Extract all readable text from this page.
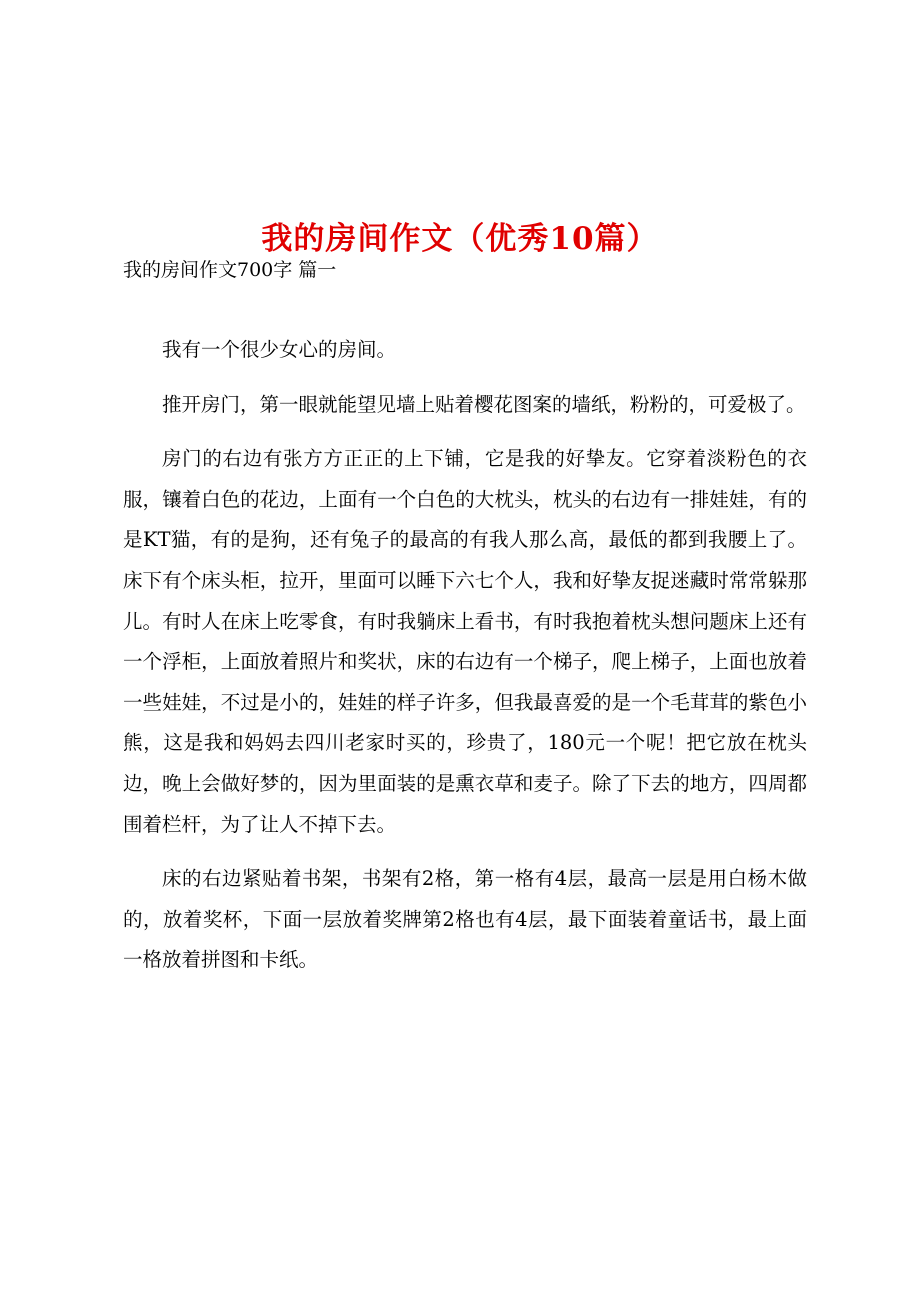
我的房间作文（优秀10篇）
我的房间作文700字 篇一

我有一个很少女心的房间。

推开房门，第一眼就能望见墙上贴着樱花图案的墙纸，粉粉的，可爱极了。

房门的右边有张方方正正的上下铺，它是我的好挚友。它穿着淡粉色的衣服，镶着白色的花边，上面有一个白色的大枕头，枕头的右边有一排娃娃，有的是KT猫，有的是狗，还有兔子的最高的有我人那么高，最低的都到我腰上了。床下有个床头柜，拉开，里面可以睡下六七个人，我和好挚友捉迷藏时常常躲那儿。有时人在床上吃零食，有时我躺床上看书，有时我抱着枕头想问题床上还有一个浮柜，上面放着照片和奖状，床的右边有一个梯子，爬上梯子，上面也放着一些娃娃，不过是小的，娃娃的样子许多，但我最喜爱的是一个毛茸茸的紫色小熊，这是我和妈妈去四川老家时买的，珍贵了，180元一个呢！把它放在枕头边，晚上会做好梦的，因为里面装的是熏衣草和麦子。除了下去的地方，四周都围着栏杆，为了让人不掉下去。

床的右边紧贴着书架，书架有2格，第一格有4层，最高一层是用白杨木做的，放着奖杯，下面一层放着奖牌第2格也有4层，最下面装着童话书，最上面一格放着拼图和卡纸。
